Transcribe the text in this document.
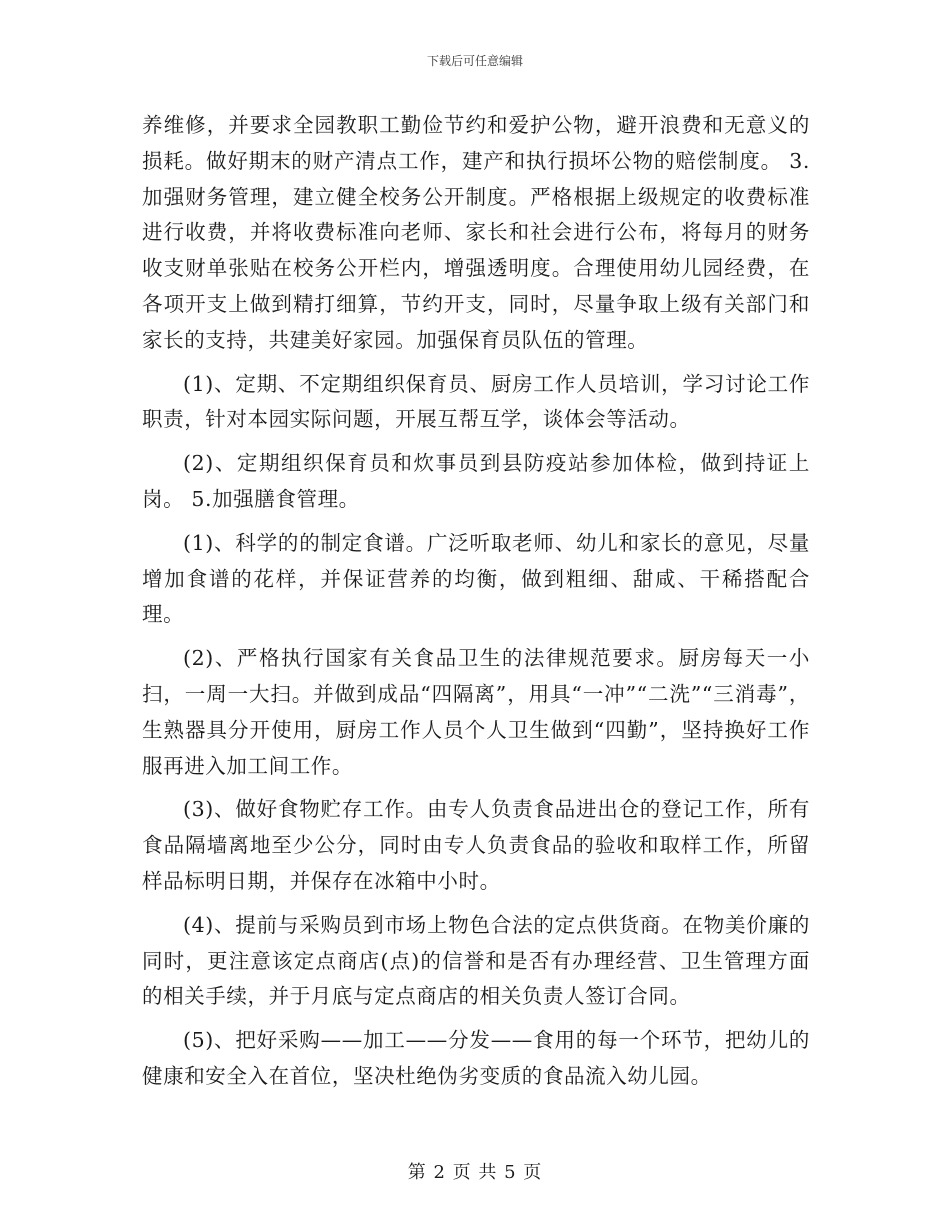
下载后可任意编辑

养维修，并要求全园教职工勤俭节约和爱护公物，避开浪费和无意义的损耗。做好期末的财产清点工作，建产和执行损坏公物的赔偿制度。 3.加强财务管理，建立健全校务公开制度。严格根据上级规定的收费标准进行收费，并将收费标准向老师、家长和社会进行公布，将每月的财务收支财单张贴在校务公开栏内，增强透明度。合理使用幼儿园经费，在各项开支上做到精打细算，节约开支，同时，尽量争取上级有关部门和家长的支持，共建美好家园。加强保育员队伍的管理。

(1)、定期、不定期组织保育员、厨房工作人员培训，学习讨论工作职责，针对本园实际问题，开展互帮互学，谈体会等活动。

(2)、定期组织保育员和炊事员到县防疫站参加体检，做到持证上岗。 5.加强膳食管理。

(1)、科学的的制定食谱。广泛听取老师、幼儿和家长的意见，尽量增加食谱的花样，并保证营养的均衡，做到粗细、甜咸、干稀搭配合理。

(2)、严格执行国家有关食品卫生的法律规范要求。厨房每天一小扫，一周一大扫。并做到成品“四隔离”，用具“一冲”“二洗”“三消毒”，生熟器具分开使用，厨房工作人员个人卫生做到“四勤”，坚持换好工作服再进入加工间工作。

(3)、做好食物贮存工作。由专人负责食品进出仓的登记工作，所有食品隔墙离地至少公分，同时由专人负责食品的验收和取样工作，所留样品标明日期，并保存在冰箱中小时。

(4)、提前与采购员到市场上物色合法的定点供货商。在物美价廉的同时，更注意该定点商店(点)的信誉和是否有办理经营、卫生管理方面的相关手续，并于月底与定点商店的相关负责人签订合同。

(5)、把好采购——加工——分发——食用的每一个环节，把幼儿的健康和安全入在首位，坚决杜绝伪劣变质的食品流入幼儿园。

第 2 页 共 5 页
